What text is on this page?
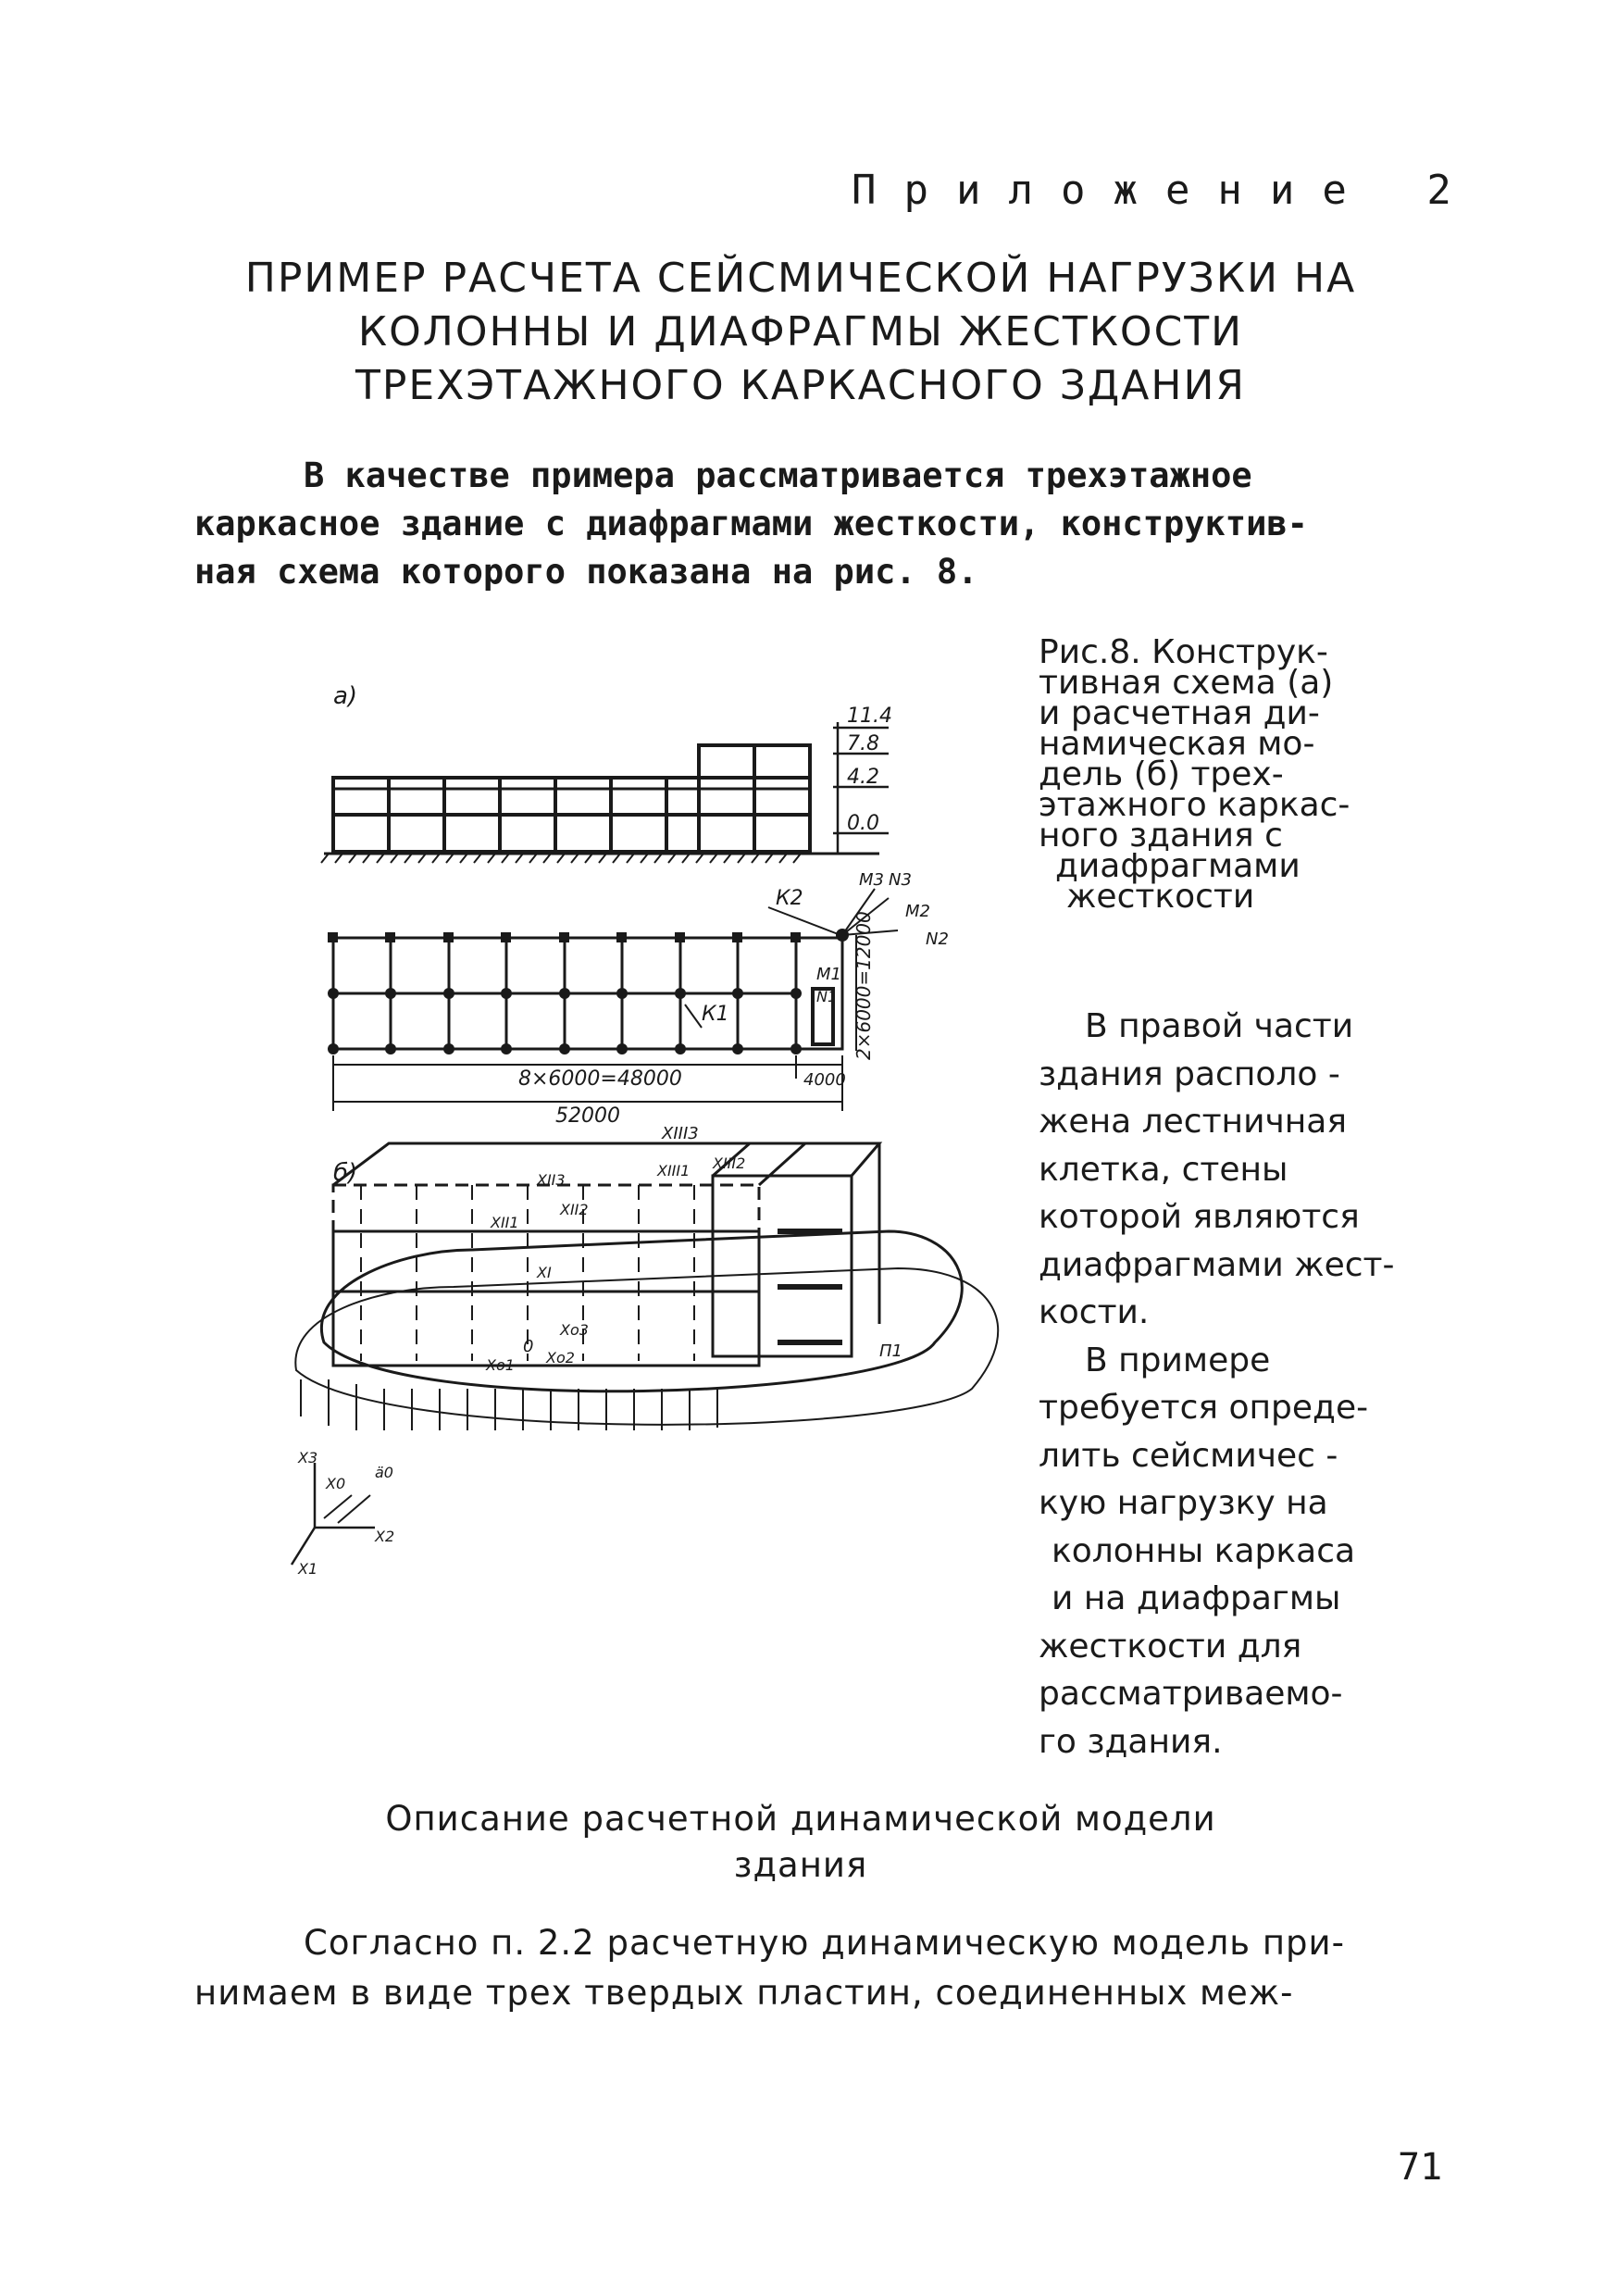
Приложение 2
ПРИМЕР РАСЧЕТА СЕЙСМИЧЕСКОЙ НАГРУЗКИ НА
КОЛОННЫ И ДИАФРАГМЫ ЖЕСТКОСТИ
ТРЕХЭТАЖНОГО КАРКАСНОГО ЗДАНИЯ
В качестве примера рассматривается трехэтажное
каркасное здание с диафрагмами жесткости, конструктив-
ная схема которого показана на рис. 8.
а)
11.4
7.8
4.2
0.0
К2
К1
M3 N3
M2
N2
M1
N1 2×6000=12000
8×6000=48000	4000
52000
б)
XIII3
XIII1 XIII2
XII3
XII1
XII2
XI
Xo3
Xo1 Xo2
0	П1
X3
X2
X1
X0
ä0
Рис.8. Конструк-
тивная схема (а)
и расчетная ди-
намическая мо-
дель (б) трех-
этажного каркас-
ного здания с
диафрагмами
жесткости
В правой части
здания располо -
жена лестничная
клетка, стены
которой являются
диафрагмами жест-
кости.
В примере
требуется опреде-
лить сейсмичес -
кую нагрузку на
колонны каркаса
и на диафрагмы
жесткости для
рассматриваемо-
го здания.
Описание расчетной динамической модели
здания
Согласно п. 2.2 расчетную динамическую модель при-
нимаем в виде трех твердых пластин, соединенных меж-
71
